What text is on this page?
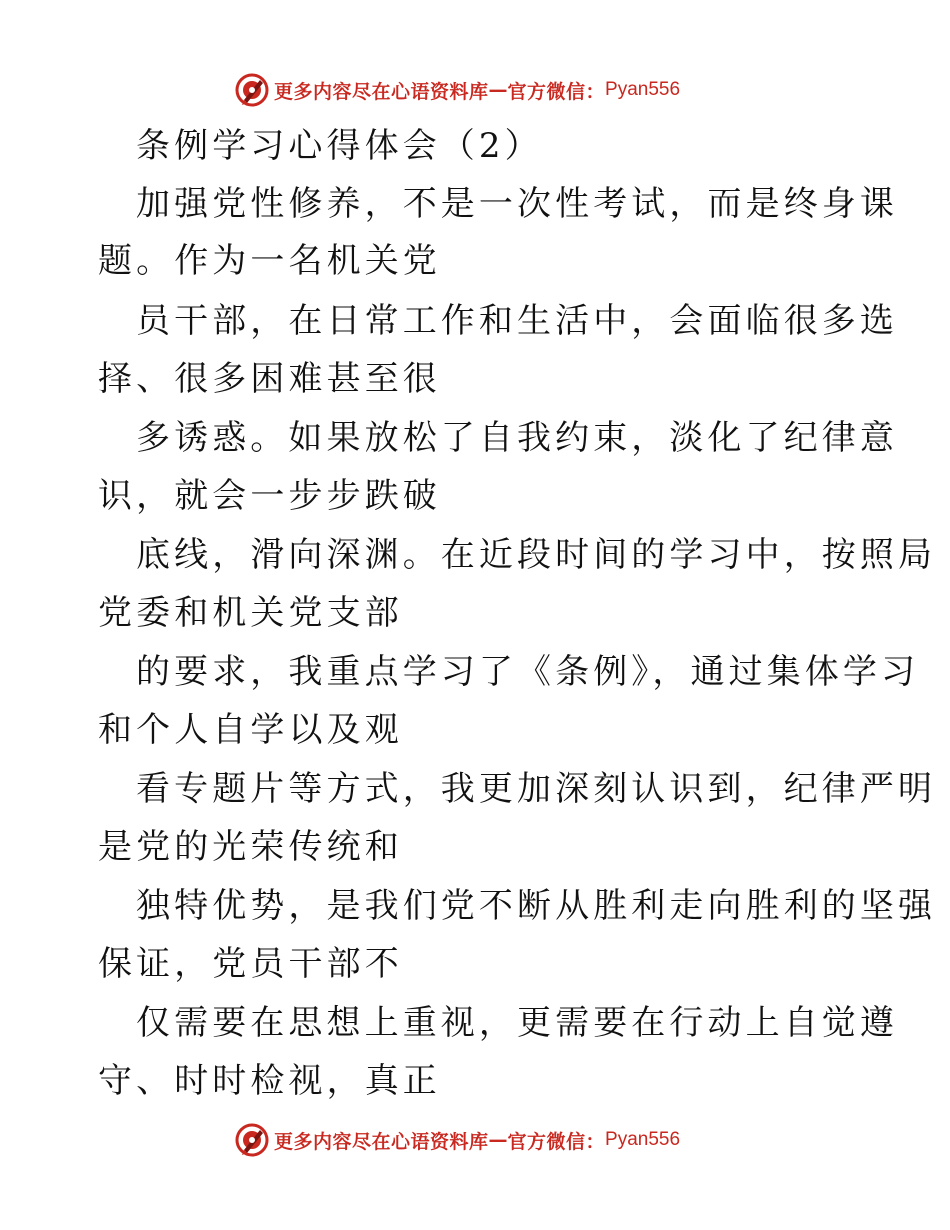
更多内容尽在心语资料库 — 官方微信： Pyan556
条例学习心得体会（2）
加强党性修养，不是一次性考试，而是终身课
题。作为一名机关党
员干部，在日常工作和生活中，会面临很多选
择、很多困难甚至很
多诱惑。如果放松了自我约束，淡化了纪律意
识，就会一步步跌破
底线，滑向深渊。在近段时间的学习中，按照局
党委和机关党支部
的要求，我重点学习了《条例》，通过集体学习
和个人自学以及观
看专题片等方式，我更加深刻认识到，纪律严明
是党的光荣传统和
独特优势，是我们党不断从胜利走向胜利的坚强
保证，党员干部不
仅需要在思想上重视，更需要在行动上自觉遵
守、时时检视，真正
更多内容尽在心语资料库 — 官方微信： Pyan556
